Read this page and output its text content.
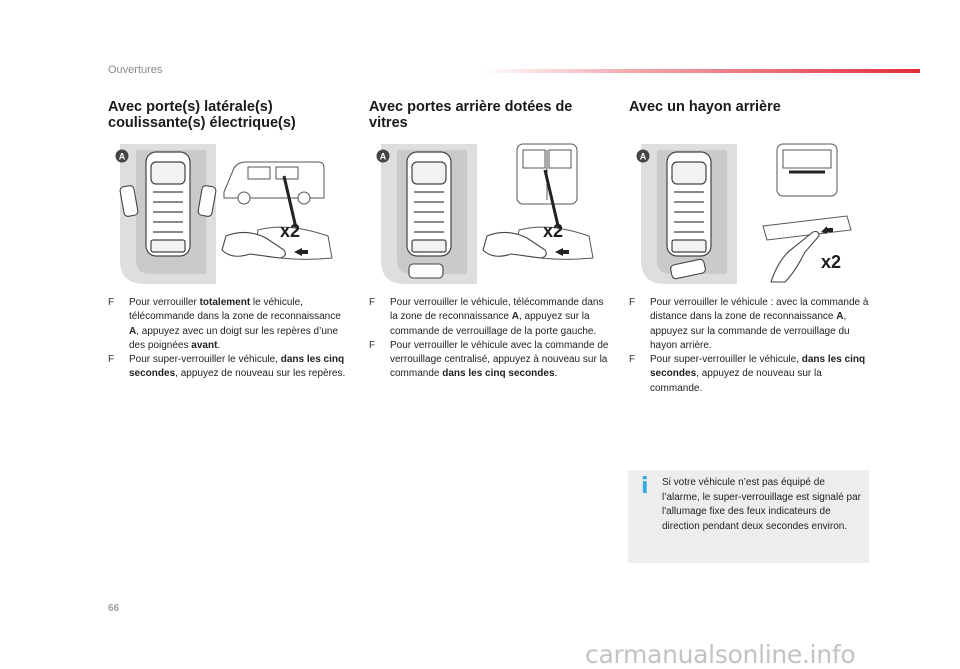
Ouvertures
Avec porte(s) latérale(s)
coulissante(s) électrique(s)
A
x2
F Pour verrouiller totalement le véhicule, télécommande dans la zone de reconnaissance A, appuyez avec un doigt sur les repères d’une des poignées avant.
F Pour super-verrouiller le véhicule, dans les cinq secondes, appuyez de nouveau sur les repères.
Avec portes arrière dotées de
vitres
A
x2
F Pour verrouiller le véhicule, télécommande dans la zone de reconnaissance A, appuyez sur la commande de verrouillage de la porte gauche.
F Pour verrouiller le véhicule avec la commande de verrouillage centralisé, appuyez à nouveau sur la commande dans les cinq secondes.
Avec un hayon arrière
A
x2
F Pour verrouiller le véhicule : avec la commande à distance dans la zone de reconnaissance A, appuyez sur la commande de verrouillage du hayon arrière.
F Pour super-verrouiller le véhicule, dans les cinq secondes, appuyez de nouveau sur la commande.
i Si votre véhicule n’est pas équipé de l’alarme, le super-verrouillage est signalé par l'allumage fixe des feux indicateurs de direction pendant deux secondes environ.
66
carmanualsonline.info
